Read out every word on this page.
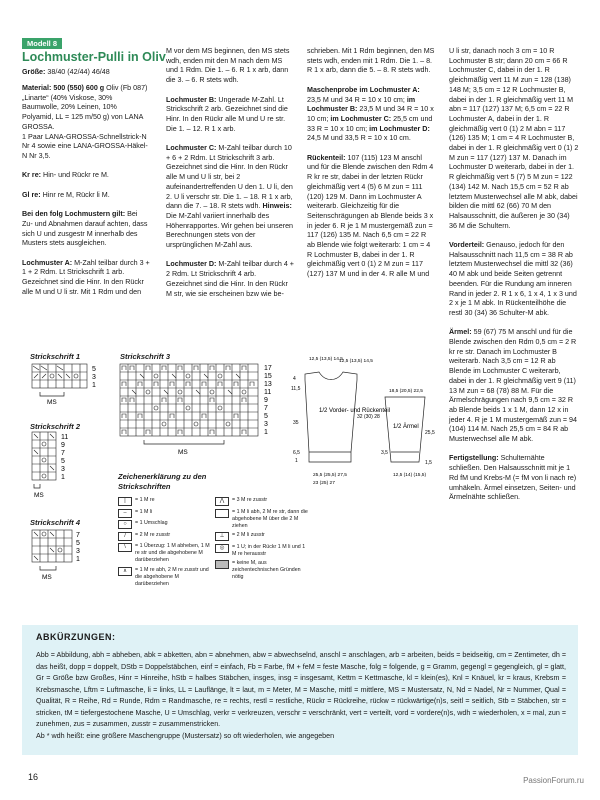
Modell 8
Lochmuster-Pulli in Oliv
Größe: 38/40 (42/44) 46/48

Material: 500 (550) 600 g Oliv (Fb 087) „Linarte“ (40% Viskose, 30% Baumwolle, 20% Leinen, 10% Polyamid, LL = 125 m/50 g) von LANA GROSSA.

1 Paar LANA-GROSSA-Schnellstrick-N Nr 4 sowie eine LANA-GROSSA-Häkel-N Nr 3,5.

Kr re: Hin- und Rückr re M.

Gl re: Hinr re M, Rückr li M.

Bei den folg Lochmustern gilt: Bei Zu- und Abnahmen darauf achten, dass sich U und zusgestr M innerhalb des Musters stets ausgleichen.

Lochmuster A: M-Zahl teilbar durch 3 + 1 + 2 Rdm. Lt Strickschrift 1 arb. Gezeichnet sind die Hinr. In den Rückr alle M und U li str. Mit 1 Rdm und den

M vor dem MS beginnen, den MS stets wdh, enden mit den M nach dem MS und 1 Rdm. Die 1. – 6. R 1 x arb, dann die 3. – 6. R stets wdh.

Lochmuster B: Ungerade M-Zahl. Lt Strickschrift 2 arb. Gezeichnet sind die Hinr. In den Rückr alle M und U re str. Die 1. – 12. R 1 x arb.

Lochmuster C: M-Zahl teilbar durch 10 + 6 + 2 Rdm. Lt Strickschrift 3 arb. Gezeichnet sind die Hinr. In den Rückr alle M und U li str, bei 2 aufeinandertreffenden U den 1. U li, den 2. U li verschr str. Die 1. – 18. R 1 x arb, dann die 7. – 18. R stets wdh. Hinweis: Die M-Zahl variiert innerhalb des Höhenrapportes. Wir gehen bei unseren Berechnungen stets von der ursprünglichen M-Zahl aus.

Lochmuster D: M-Zahl teilbar durch 4 + 2 Rdm. Lt Strickschrift 4 arb. Gezeichnet sind die Hinr. In den Rückr M str, wie sie erscheinen bzw wie be-

schrieben. Mit 1 Rdm beginnen, den MS stets wdh, enden mit 1 Rdm. Die 1. – 8. R 1 x arb, dann die 5. – 8. R stets wdh.

Maschenprobe im Lochmuster A: 23,5 M und 34 R = 10 x 10 cm; im Lochmuster B: 23,5 M und 34 R = 10 x 10 cm; im Lochmuster C: 25,5 cm und 33 R = 10 x 10 cm; im Lochmuster D: 24,5 M und 33,5 R = 10 x 10 cm.

Rückenteil: 107 (115) 123 M anschl und für die Blende zwischen den Rdm 4 R kr re str, dabei in der letzten Rückr gleichmäßig vert 4 (5) 6 M zun = 111 (120) 129 M. Dann im Lochmuster A weiterarb. Gleichzeitig für die Seitenschrägungen ab Blende beids 3 x in jeder 6. R je 1 M mustergemäß zun = 117 (126) 135 M. Nach 6,5 cm = 22 R ab Blende wie folgt weiterarb: 1 cm = 4 R Lochmuster B, dabei in der 1. R gleichmäßig vert 0 (1) 2 M zun = 117 (127) 137 M und in der 4. R alle M und

U li str, danach noch 3 cm = 10 R Lochmuster B str; dann 20 cm = 66 R Lochmuster C, dabei in der 1. R gleichmäßig vert 11 M zun = 128 (138) 148 M; 3,5 cm = 12 R Lochmuster B, dabei in der 1. R gleichmäßig vert 11 M abn = 117 (127) 137 M; 6,5 cm = 22 R Lochmuster A, dabei in der 1. R gleichmäßig vert 0 (1) 2 M abn = 117 (126) 135 M; 1 cm = 4 R Lochmuster B, dabei in der 1. R gleichmäßig vert 0 (1) 2 M zun = 117 (127) 137 M. Danach im Lochmuster D weiterarb, dabei in der 1. R gleichmäßig vert 5 (7) 5 M zun = 122 (134) 142 M. Nach 15,5 cm = 52 R ab letztem Musterwechsel alle M abk, dabei bilden die mittl 62 (66) 70 M den Halsausschnitt, die äußeren je 30 (34) 36 M die Schultern.

Vorderteil: Genauso, jedoch für den Halsausschnitt nach 11,5 cm = 38 R ab letztem Musterwechsel die mittl 32 (36) 40 M abk und beide Seiten getrennt beenden. Für die Rundung am inneren Rand in jeder 2. R 1 x 6, 1 x 4, 1 x 3 und 2 x je 1 M abk. In Rückenteilhöhe die restl 30 (34) 36 Schulter-M abk.

Ärmel: 59 (67) 75 M anschl und für die Blende zwischen den Rdm 0,5 cm = 2 R kr re str. Danach im Lochmuster B weiterarb. Nach 3,5 cm = 12 R ab Blende im Lochmuster C weiterarb, dabei in der 1. R gleichmäßig vert 9 (11) 13 M zun = 68 (78) 88 M. Für die Ärmelschrägungen nach 9,5 cm = 32 R ab Blende beids 1 x 1 M, dann 12 x in jeder 4. R je 1 M mustergemäß zun = 94 (104) 114 M. Nach 25,5 cm = 84 R ab Musterwechsel alle M abk.

Fertigstellung: Schulternähte schließen. Den Halsausschnitt mit je 1 Rd fM und Krebs-M (= fM von li nach re) umhäkeln. Ärmel einsetzen, Seiten- und Ärmelnähte schließen.

Strickschrift 1	Strickschrift 3
Strickschrift 2
Strickschrift 4
5
3
1
MS
11
9
7
5
3
1
MS
17
15
13
11
9
7
5
3
1
MS
7
5
3
1
MS
Zeichenerklärung zu den Strickschriften
|	= 1 M re
–	= 1 M li
○	= 1 Umschlag
/	= 2 M re zusstr
\	= 1 Überzug: 1 M abheben, 1 M re str und die abgehobene M darüberziehen
∧	= 1 M re abh, 2 M re zusstr und die abgehobene M darüberziehen
⋀	= 3 M re zusstr
⌒	= 1 M li abh, 2 M re str, dann die abgehobene M über die 2 M ziehen
⊥	= 2 M li zusstr
◎	= 1 U; in der Rückr 1 M li und 1 M re herausstr
= keine M, aus zeichentechnischen Gründen nötig
12,5 (13,5) 14,5
12,5 (13,5) 14,5
4
11,5
35
32 (30) 28
6,5
1
1/2 Vorder- und Rückenteil
25,5 (25,5) 27,5
23 (25) 27
18,5 (20,5) 22,5
1/2 Ärmel
25,5
3,5
12,5 (14) (15,5)
1,5
ABKÜRZUNGEN:
Abb = Abbildung, abh = abheben, abk = abketten, abn = abnehmen, abw = abwechselnd, anschl = anschlagen, arb = arbeiten, beids = beidseitig, cm = Zentimeter, dh = das heißt, dopp = doppelt, DStb = Doppelstäbchen, einf = einfach, Fb = Farbe, fM + feM = feste Masche, folg = folgende, g = Gramm, gegengl = gegengleich, gl = glatt, Gr = Größe bzw Großes, Hinr = Hinreihe, hStb = halbes Stäbchen, insges, insg = insgesamt, Kettm = Kettmasche, kl = klein(es), Knl = Knäuel, kr = kraus, Krebsm = Krebsmasche, Lftm = Luftmasche, li = links, LL = Lauflänge, lt = laut, m = Meter, M = Masche, mittl = mittlere, MS = Mustersatz, N, Nd = Nadel, Nr = Nummer, Qual = Qualität, R = Reihe, Rd = Runde, Rdm = Randmasche, re = rechts, restl = restliche, Rückr = Rückreihe, rückw = rückwärtige(n)s, seitl = seitlich, Stb = Stäbchen, str = stricken, tM = tiefergestochene Masche, U = Umschlag, verkr = verkreuzen, verschr = verschränkt, vert = verteilt, vord = vordere(n)s, wdh = wiederholen, x = mal, zun = zunehmen, zus = zusammen, zusstr = zusammenstricken.
Ab * wdh heißt: eine größere Maschengruppe (Mustersatz) so oft wiederholen, wie angegeben
16	PassionForum.ru
